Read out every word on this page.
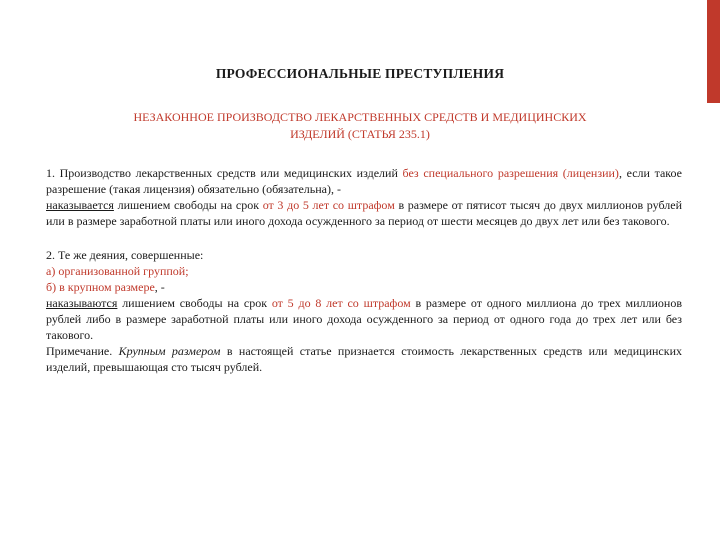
ПРОФЕССИОНАЛЬНЫЕ ПРЕСТУПЛЕНИЯ
НЕЗАКОННОЕ ПРОИЗВОДСТВО ЛЕКАРСТВЕННЫХ СРЕДСТВ И МЕДИЦИНСКИХ
ИЗДЕЛИЙ (СТАТЬЯ 235.1)

1. Производство лекарственных средств или медицинских изделий без специального разрешения (лицензии), если такое разрешение (такая лицензия) обязательно (обязательна), -

наказывается лишением свободы на срок от 3 до 5 лет со штрафом в размере от пятисот тысяч до двух миллионов рублей или в размере заработной платы или иного дохода осужденного за период от шести месяцев до двух лет или без такового.

2. Те же деяния, совершенные:

а) организованной группой;

б) в крупном размере, -

наказываются лишением свободы на срок от 5 до 8 лет со штрафом в размере от одного миллиона до трех миллионов рублей либо в размере заработной платы или иного дохода осужденного за период от одного года до трех лет или без такового.

Примечание. Крупным размером в настоящей статье признается стоимость лекарственных средств или медицинских изделий, превышающая сто тысяч рублей.
